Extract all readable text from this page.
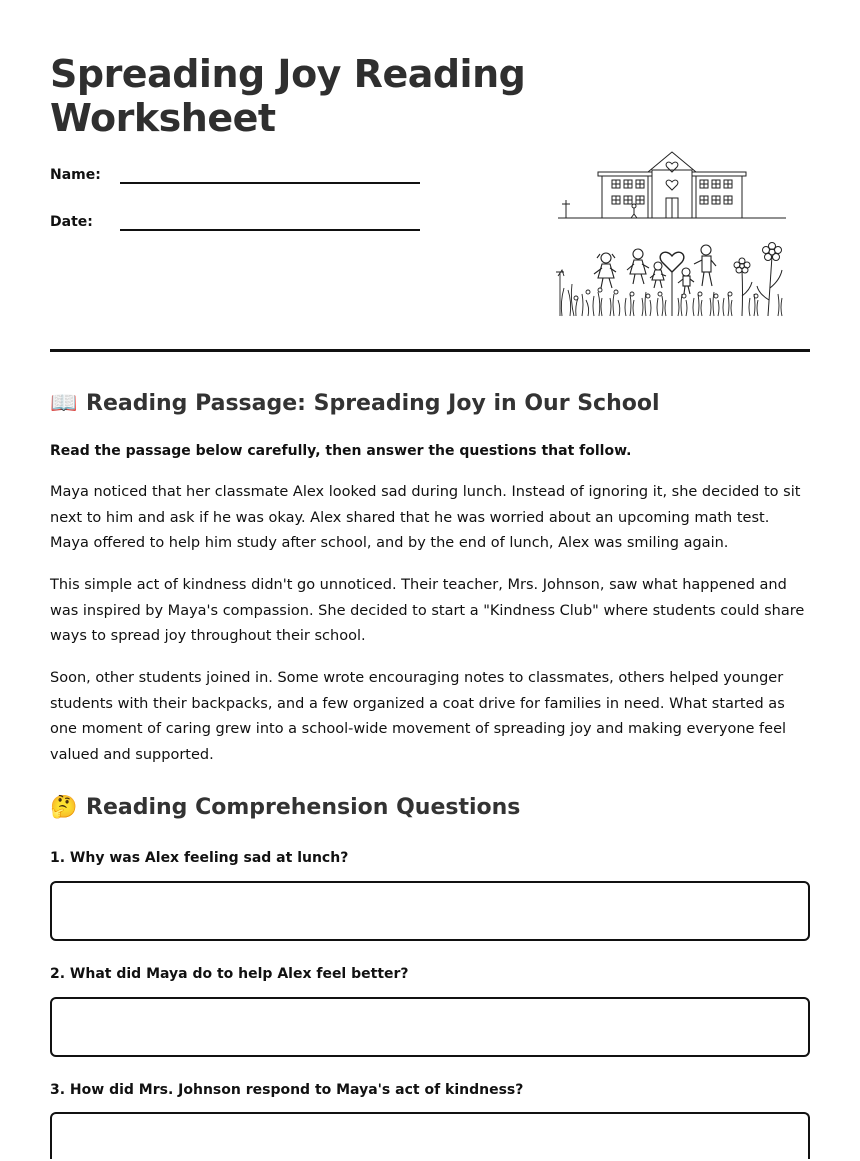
Spreading Joy Reading Worksheet
Name:
Date:
📖 Reading Passage: Spreading Joy in Our School

Read the passage below carefully, then answer the questions that follow.

Maya noticed that her classmate Alex looked sad during lunch. Instead of ignoring it, she decided to sit next to him and ask if he was okay. Alex shared that he was worried about an upcoming math test. Maya offered to help him study after school, and by the end of lunch, Alex was smiling again.

This simple act of kindness didn't go unnoticed. Their teacher, Mrs. Johnson, saw what happened and was inspired by Maya's compassion. She decided to start a "Kindness Club" where students could share ways to spread joy throughout their school.

Soon, other students joined in. Some wrote encouraging notes to classmates, others helped younger students with their backpacks, and a few organized a coat drive for families in need. What started as one moment of caring grew into a school-wide movement of spreading joy and making everyone feel valued and supported.

🤔 Reading Comprehension Questions

1. Why was Alex feeling sad at lunch?

2. What did Maya do to help Alex feel better?

3. How did Mrs. Johnson respond to Maya's act of kindness?
